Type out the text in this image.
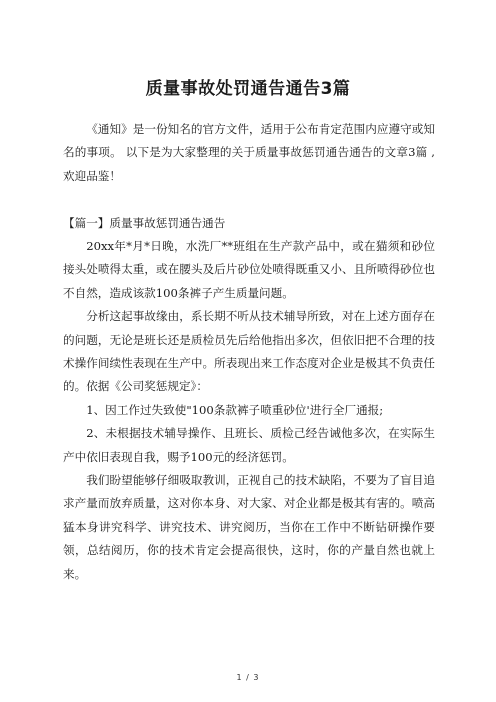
质量事故处罚通告通告3篇

《通知》是一份知名的官方文件，适用于公布肯定范围内应遵守或知名的事项。 以下是为大家整理的关于质量事故惩罚通告通告的文章3篇 ,欢迎品鉴！

【篇一】质量事故惩罚通告通告

20xx年*月*日晚，水洗厂**班组在生产款产品中，或在猫须和砂位接头处喷得太重，或在腰头及后片砂位处喷得既重又小、且所喷得砂位也不自然，造成该款100条裤子产生质量问题。

分析这起事故缘由，系长期不听从技术辅导所致，对在上述方面存在的问题，无论是班长还是质检员先后给他指出多次，但依旧把不合理的技术操作间续性表现在生产中。所表现出来工作态度对企业是极其不负责任的。依据《公司奖惩规定》：

1、因工作过失致使"100条款裤子喷重砂位'进行全厂通报;

2、未根据技术辅导操作、且班长、质检己经告诫他多次，在实际生产中依旧表现自我，赐予100元的经济惩罚。

我们盼望能够仔细吸取教训，正视自己的技术缺陷，不要为了盲目追求产量而放弃质量，这对你本身、对大家、对企业都是极其有害的。喷高猛本身讲究科学、讲究技术、讲究阅历，当你在工作中不断钻研操作要领，总结阅历，你的技术肯定会提高很快，这时，你的产量自然也就上来。

1 / 3
